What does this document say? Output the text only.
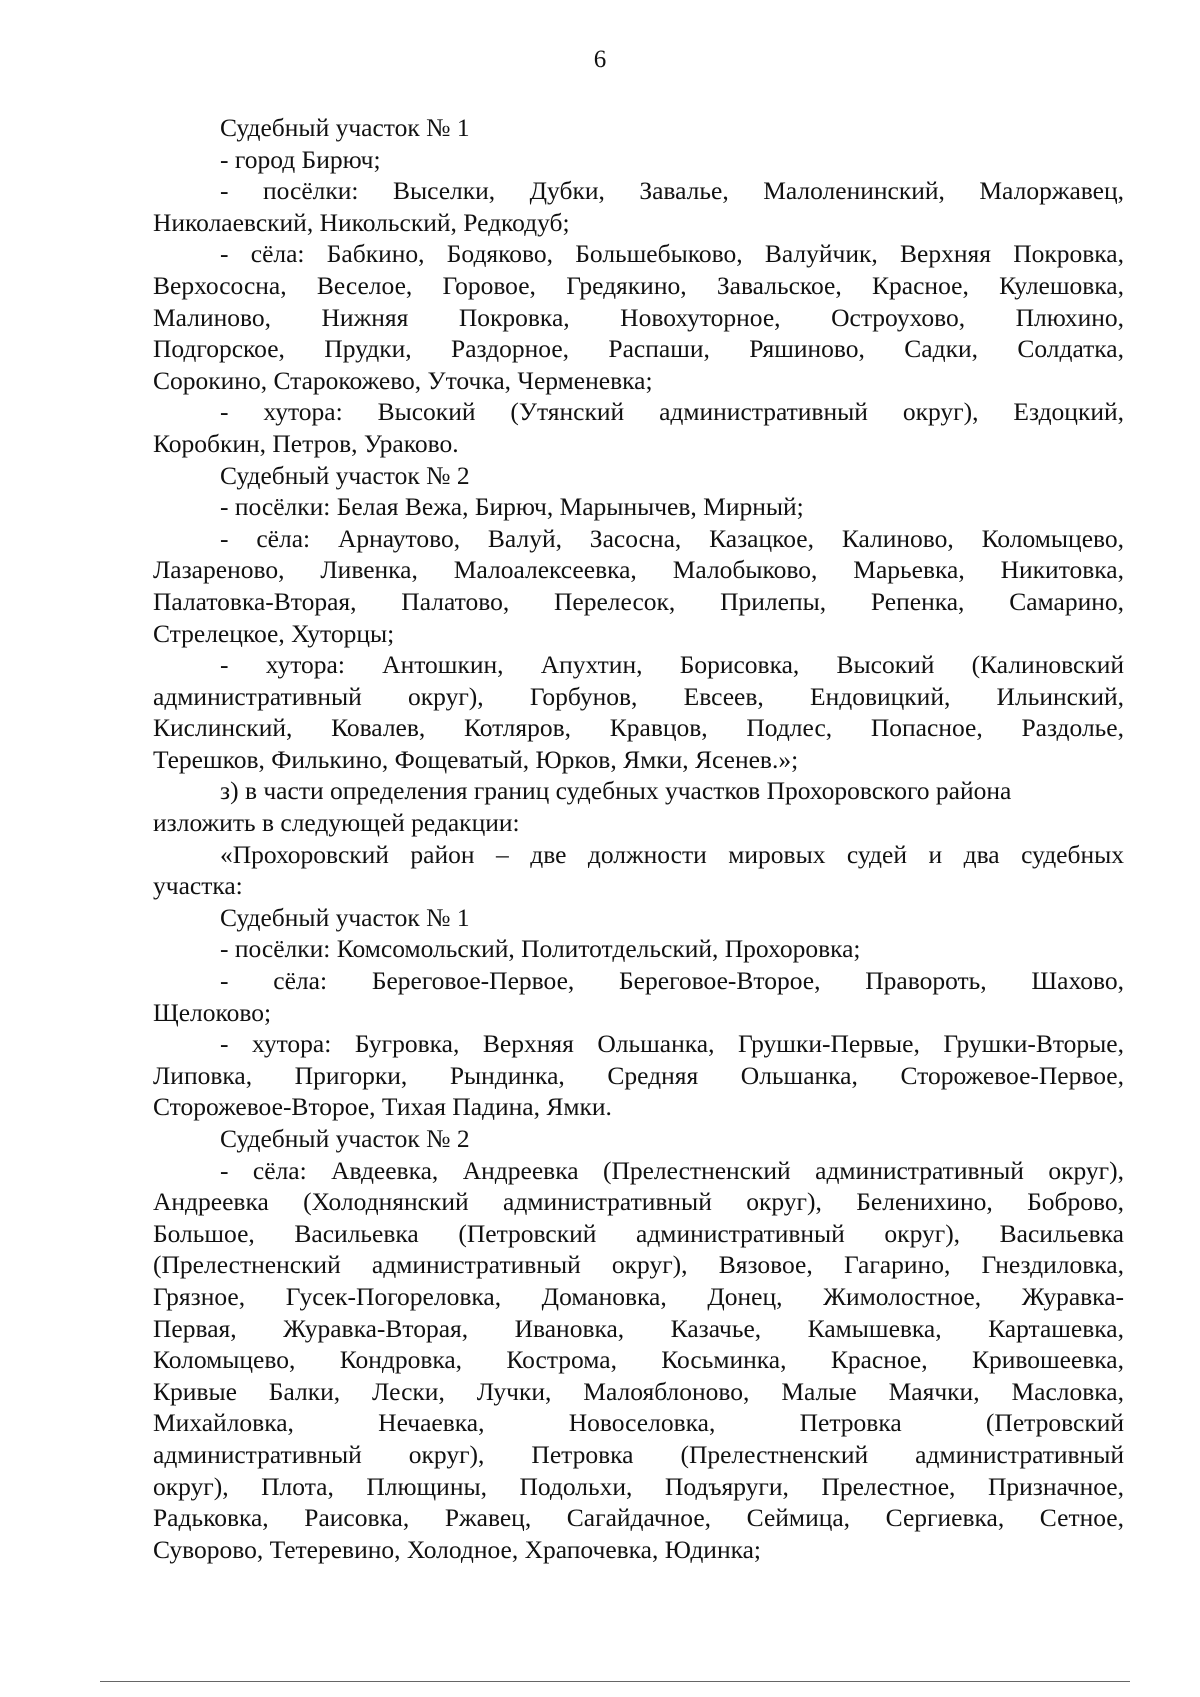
6
Судебный участок № 1
- город Бирюч;
- посёлки: Выселки, Дубки, Завалье, Малоленинский, Малоржавец,
Николаевский, Никольский, Редкодуб;
- сёла: Бабкино, Бодяково, Большебыково, Валуйчик, Верхняя Покровка,
Верхососна, Веселое, Горовое, Гредякино, Завальское, Красное, Кулешовка,
Малиново, Нижняя Покровка, Новохуторное, Остроухово, Плюхино,
Подгорское, Прудки, Раздорное, Распаши, Ряшиново, Садки, Солдатка,
Сорокино, Старокожево, Уточка, Черменевка;
- хутора: Высокий (Утянский административный округ), Ездоцкий,
Коробкин, Петров, Ураково.
Судебный участок № 2
- посёлки: Белая Вежа, Бирюч, Марынычев, Мирный;
- сёла: Арнаутово, Валуй, Засосна, Казацкое, Калиново, Коломыцево,
Лазареново, Ливенка, Малоалексеевка, Малобыково, Марьевка, Никитовка,
Палатовка-Вторая, Палатово, Перелесок, Прилепы, Репенка, Самарино,
Стрелецкое, Хуторцы;
- хутора: Антошкин, Апухтин, Борисовка, Высокий (Калиновский
административный округ), Горбунов, Евсеев, Ендовицкий, Ильинский,
Кислинский, Ковалев, Котляров, Кравцов, Подлес, Попасное, Раздолье,
Терешков, Филькино, Фощеватый, Юрков, Ямки, Ясенев.»;
з) в части определения границ судебных участков Прохоровского района
изложить в следующей редакции:
«Прохоровский район – две должности мировых судей и два судебных
участка:
Судебный участок № 1
- посёлки: Комсомольский, Политотдельский, Прохоровка;
- сёла: Береговое-Первое, Береговое-Второе, Правороть, Шахово,
Щелоково;
- хутора: Бугровка, Верхняя Ольшанка, Грушки-Первые, Грушки-Вторые,
Липовка, Пригорки, Рындинка, Средняя Ольшанка, Сторожевое-Первое,
Сторожевое-Второе, Тихая Падина, Ямки.
Судебный участок № 2
- сёла: Авдеевка, Андреевка (Прелестненский административный округ),
Андреевка (Холоднянский административный округ), Беленихино, Боброво,
Большое, Васильевка (Петровский административный округ), Васильевка
(Прелестненский административный округ), Вязовое, Гагарино, Гнездиловка,
Грязное, Гусек-Погореловка, Домановка, Донец, Жимолостное, Журавка-
Первая, Журавка-Вторая, Ивановка, Казачье, Камышевка, Карташевка,
Коломыцево, Кондровка, Кострома, Косьминка, Красное, Кривошеевка,
Кривые Балки, Лески, Лучки, Малояблоново, Малые Маячки, Масловка,
Михайловка, Нечаевка, Новоселовка, Петровка (Петровский
административный округ), Петровка (Прелестненский административный
округ), Плота, Плющины, Подольхи, Подъяруги, Прелестное, Призначное,
Радьковка, Раисовка, Ржавец, Сагайдачное, Сеймица, Сергиевка, Сетное,
Суворово, Тетеревино, Холодное, Храпочевка, Юдинка;
